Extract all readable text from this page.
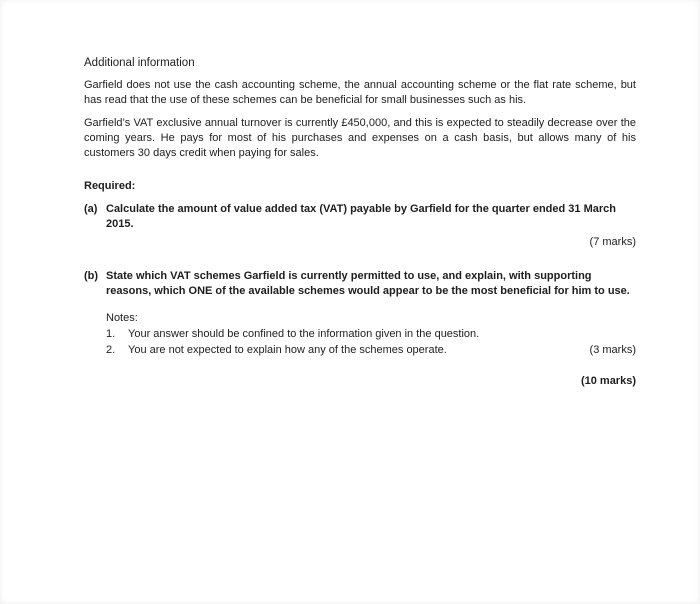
Additional information

Garfield does not use the cash accounting scheme, the annual accounting scheme or the flat rate scheme, but has read that the use of these schemes can be beneficial for small businesses such as his.

Garfield’s VAT exclusive annual turnover is currently £450,000, and this is expected to steadily decrease over the coming years. He pays for most of his purchases and expenses on a cash basis, but allows many of his customers 30 days credit when paying for sales.

Required:
(a) Calculate the amount of value added tax (VAT) payable by Garfield for the quarter ended 31 March 2015.
(7 marks)
(b) State which VAT schemes Garfield is currently permitted to use, and explain, with supporting reasons, which ONE of the available schemes would appear to be the most beneficial for him to use.
Notes:
1.	Your answer should be confined to the information given in the question.
2.	You are not expected to explain how any of the schemes operate.	(3 marks)
(10 marks)
